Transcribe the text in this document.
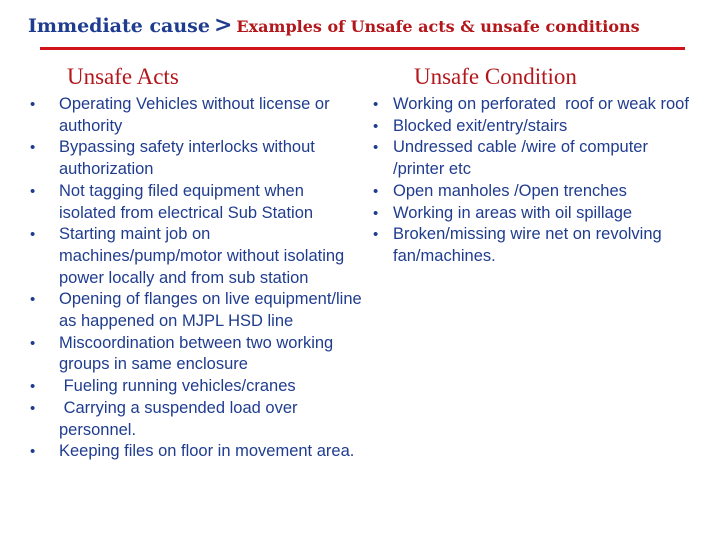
Immediate cause > Examples of Unsafe acts & unsafe conditions
Unsafe Acts	Unsafe Condition
• Operating Vehicles without license or authority
• Bypassing safety interlocks without authorization
• Not tagging filed equipment when isolated from electrical Sub Station
• Starting maint job on machines/pump/motor without isolating power locally and from sub station
• Opening of flanges on live equipment/line  as happened on MJPL HSD line
• Miscoordination between two working groups in same enclosure
• Fueling running vehicles/cranes
• Carrying a suspended load over personnel.
• Keeping files on floor in movement area.
• Working on perforated  roof or weak roof
• Blocked exit/entry/stairs
• Undressed cable /wire of computer /printer etc
• Open manholes /Open trenches
• Working in areas with oil spillage
• Broken/missing wire net on revolving fan/machines.
